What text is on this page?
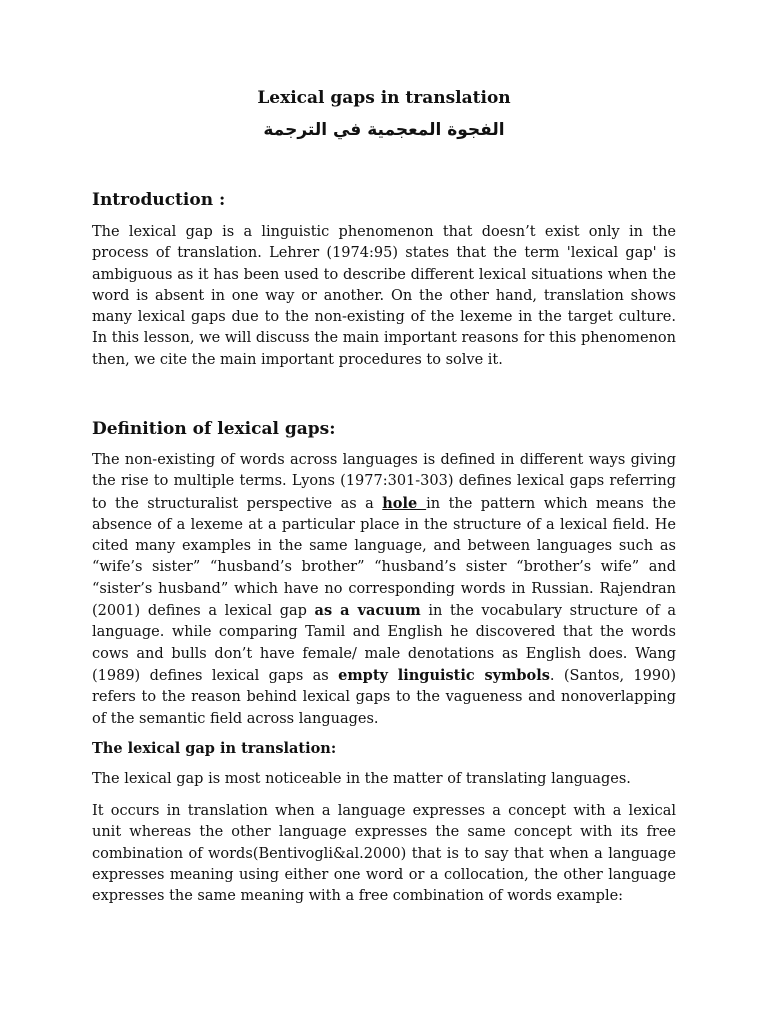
Lexical gaps in translation
الفجوة المعجمية في الترجمة
Introduction :

The lexical gap is a linguistic phenomenon that doesn’t exist only in the process of translation. Lehrer (1974:95) states that the term 'lexical gap' is ambiguous as it has been used to describe different lexical situations when the word is absent in one way or another. On the other hand, translation shows many lexical gaps due to the non-existing of the lexeme in the target culture. In this lesson, we will discuss the main important reasons for this phenomenon then, we cite the main important procedures to solve it.

Definition of lexical gaps:

The non-existing of words across languages is defined in different ways giving the rise to multiple terms. Lyons (1977:301-303) defines lexical gaps referring to the structuralist perspective as a hole in the pattern which means the absence of a lexeme at a particular place in the structure of a lexical field. He cited many examples in the same language, and between languages such as “wife’s sister” “husband’s brother” “husband’s sister “brother’s wife” and “sister’s husband” which have no corresponding words in Russian. Rajendran (2001) defines a lexical gap as a vacuum in the vocabulary structure of a language. while comparing Tamil and English he discovered that the words cows and bulls don’t have female/ male denotations as English does. Wang (1989) defines lexical gaps as empty linguistic symbols. (Santos, 1990) refers to the reason behind lexical gaps to the vagueness and nonoverlapping of the semantic field across languages.

The lexical gap in translation:

The lexical gap is most noticeable in the matter of translating languages.

It occurs in translation when a language expresses a concept with a lexical unit whereas the other language expresses the same concept with its free combination of words(Bentivogli&al.2000) that is to say that when a language expresses meaning using either one word or a collocation, the other language expresses the same meaning with a free combination of words example:
